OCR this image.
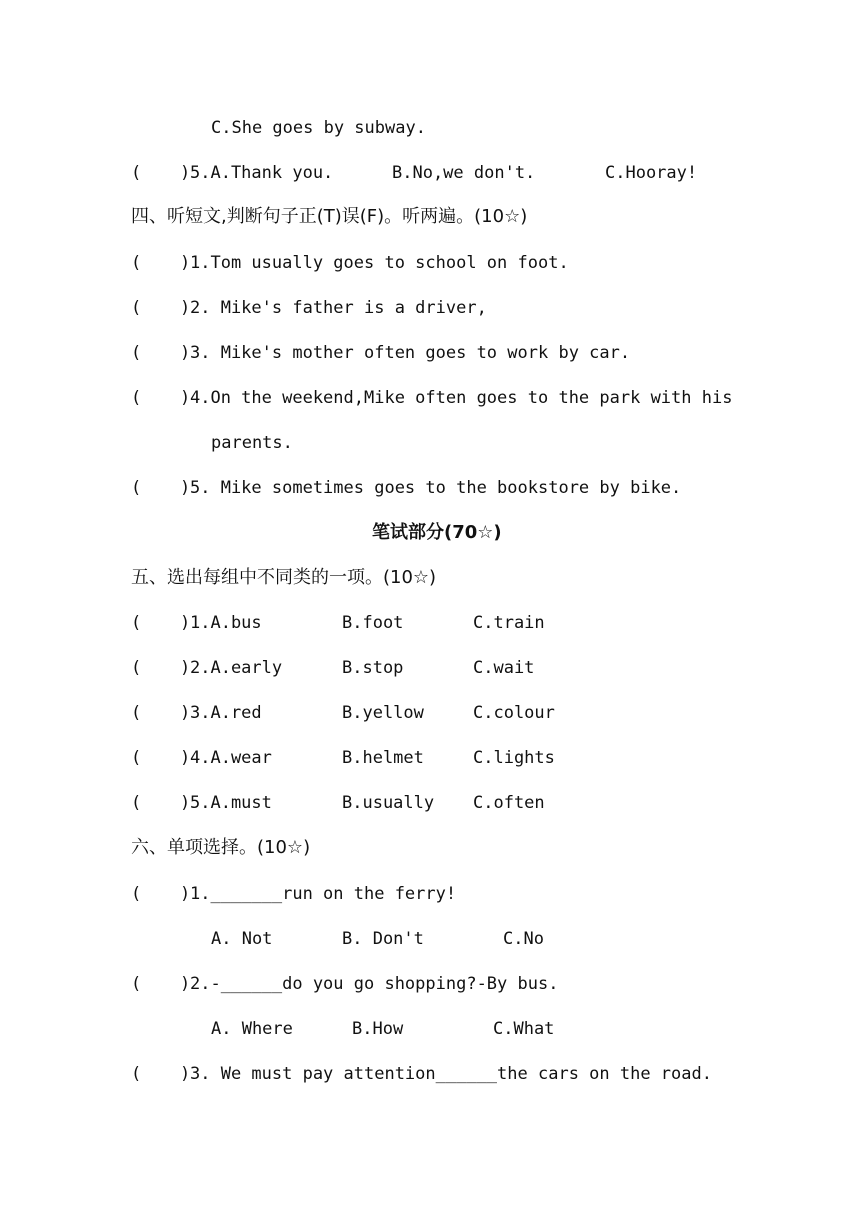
C.She goes by subway.
( ) 5.A.Thank you.	B.No,we don't.	C.Hooray!
四、听短文,判断句子正(T)误(F)。听两遍。(10☆)
( ) 1.Tom usually goes to school on foot.
( ) 2. Mike's father is a driver,
( ) 3. Mike's mother often goes to work by car.
( ) 4.On the weekend,Mike often goes to the park with his
parents.
( ) 5. Mike sometimes goes to the bookstore by bike.
笔试部分(70☆)
五、选出每组中不同类的一项。(10☆)
( ) 1.A.bus	B.foot	C.train
( ) 2.A.early	B.stop	C.wait
( ) 3.A.red	B.yellow	C.colour
( ) 4.A.wear	B.helmet	C.lights
( ) 5.A.must	B.usually C.often
六、单项选择。(10☆)
( ) 1._______run on the ferry!
A. Not	B. Don't	C.No
( ) 2.-______do you go shopping?-By bus.
A. Where	B.How	C.What
( ) 3. We must pay attention______the cars on the road.
